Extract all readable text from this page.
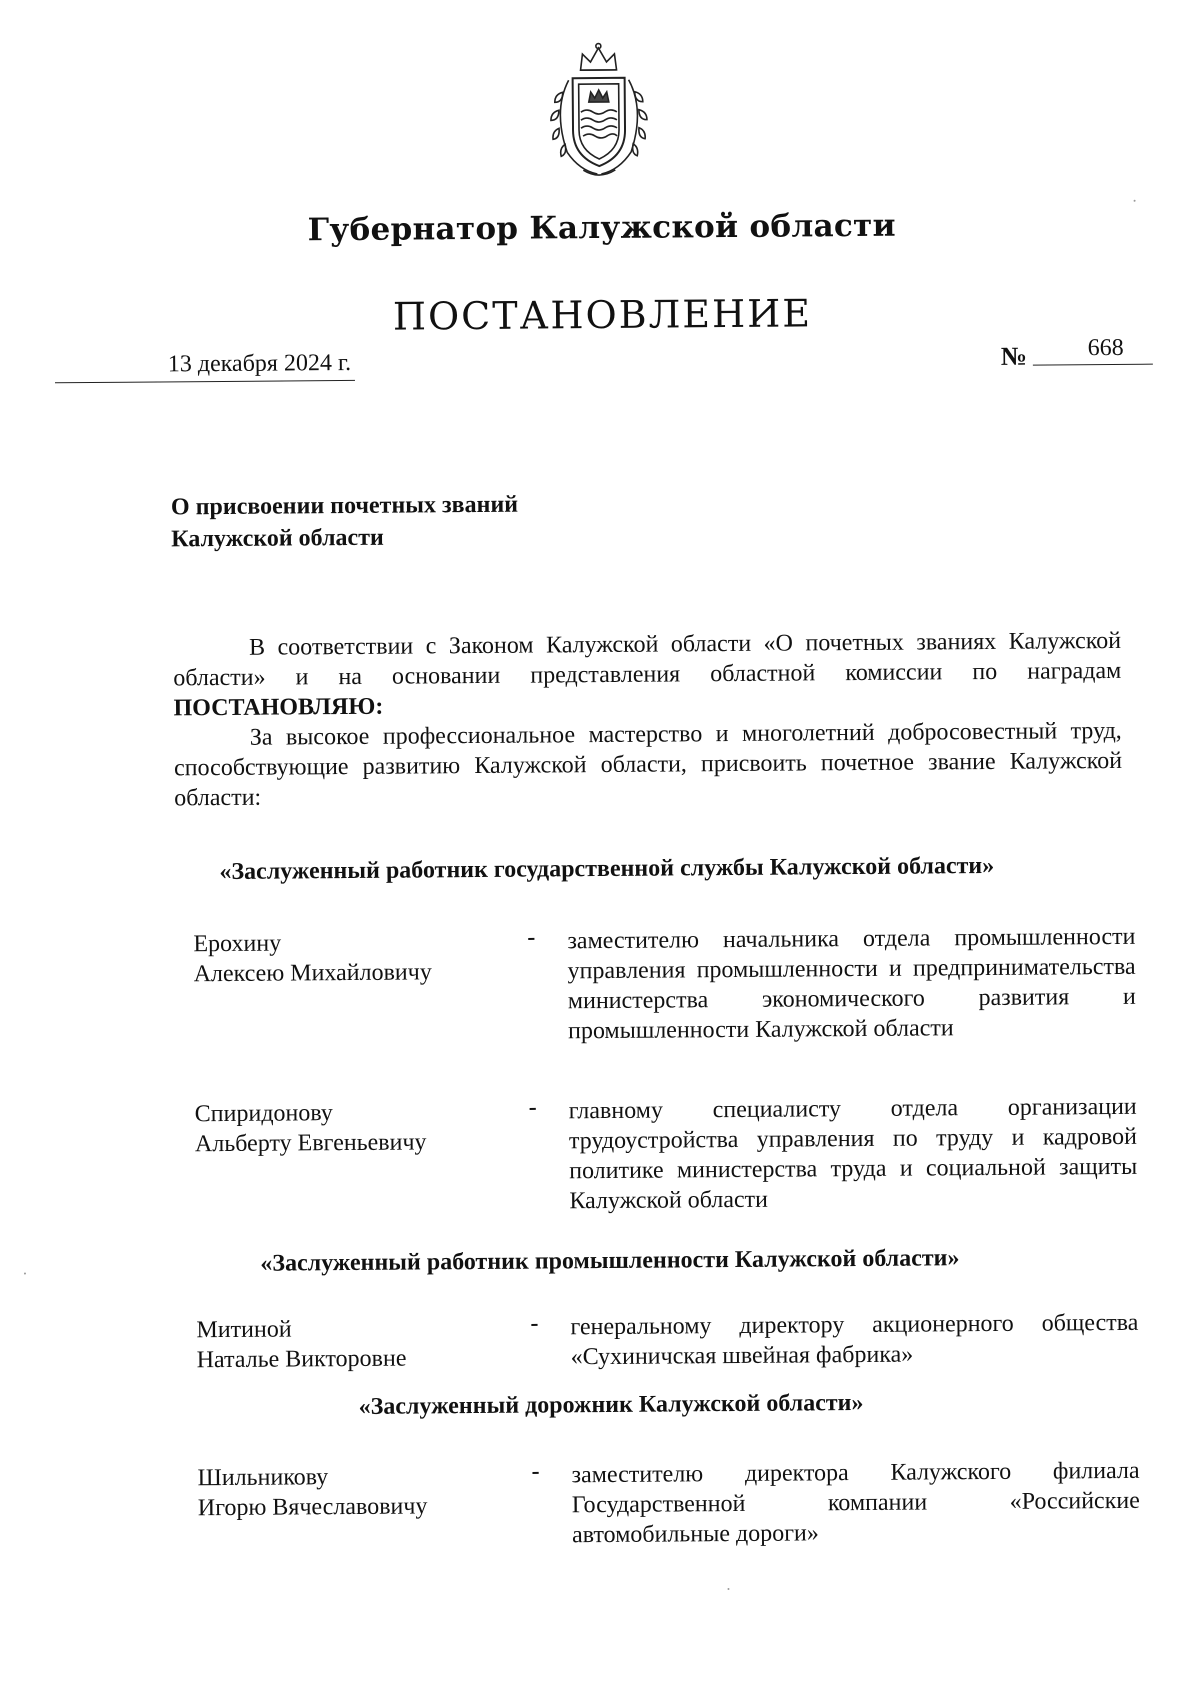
Губернатор Калужской области
ПОСТАНОВЛЕНИЕ
13 декабря 2024 г.	№	668
О присвоении почетных званий
Калужской области

В соответствии с Законом Калужской области «О почетных званиях Калужской области» и на основании представления областной комиссии по наградам ПОСТАНОВЛЯЮ:

За высокое профессиональное мастерство и многолетний добросовестный труд, способствующие развитию Калужской области, присвоить почетное звание Калужской области:

«Заслуженный работник государственной службы Калужской области»
Ерохину
Алексею Михайловичу
- заместителю начальника отдела промышленности управления промышленности и предпринимательства министерства экономического развития и промышленности Калужской области
Спиридонову
Альберту Евгеньевичу
- главному специалисту отдела организации трудоустройства управления по труду и кадровой политике министерства труда и социальной защиты Калужской области
«Заслуженный работник промышленности Калужской области»
Митиной
Наталье Викторовне
- генеральному директору акционерного общества «Сухиничская швейная фабрика»
«Заслуженный дорожник Калужской области»
Шильникову
Игорю Вячеславовичу
- заместителю директора Калужского филиала Государственной компании «Российские автомобильные дороги»
